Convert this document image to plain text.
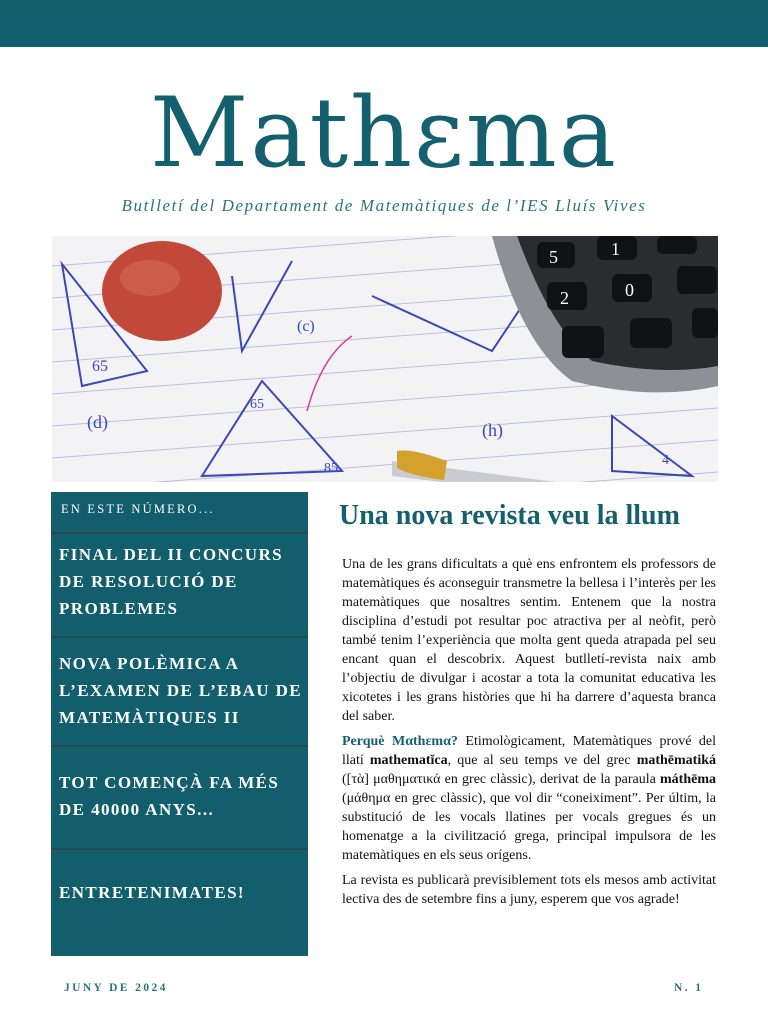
Mathεma
Butlletí del Departament de Matemàtiques de l’IES Lluís Vives
65
(c)
(d)	(h)
65
85
4
5	1
2	0
EN ESTE NÚMERO...
FINAL DEL II CONCURS DE RESOLUCIÓ DE PROBLEMES
NOVA POLÈMICA A L’EXAMEN DE L’EBAU DE MATEMÀTIQUES II
TOT COMENÇÀ FA MÉS DE 40000 ANYS...
ENTRETENIMATES!
Una nova revista veu la llum

Una de les grans dificultats a què ens enfrontem els professors de matemàtiques és aconseguir transmetre la bellesa i l’interès per les matemàtiques que nosaltres sentim. Entenem que la nostra disciplina d’estudi pot resultar poc atractiva per al neòfit, però també tenim l’experiència que molta gent queda atrapada pel seu encant quan el descobrix. Aquest butlletí-revista naix amb l’objectiu de divulgar i acostar a tota la comunitat educativa les xicotetes i les grans històries que hi ha darrere d’aquesta branca del saber.

Perquè Mαthεmα? Etimològicament, Matemàtiques prové del llatí mathematĭca, que al seu temps ve del grec mathēmatiká ([τὰ] μαθηματικά en grec clàssic), derivat de la paraula máthēma (μάθημα en grec clàssic), que vol dir “coneiximent”. Per últim, la substitució de les vocals llatines per vocals gregues és un homenatge a la civilització grega, principal impulsora de les matemàtiques en els seus orígens.

La revista es publicarà previsiblement tots els mesos amb activitat lectiva des de setembre fins a juny, esperem que vos agrade!

JUNY DE 2024	N. 1
